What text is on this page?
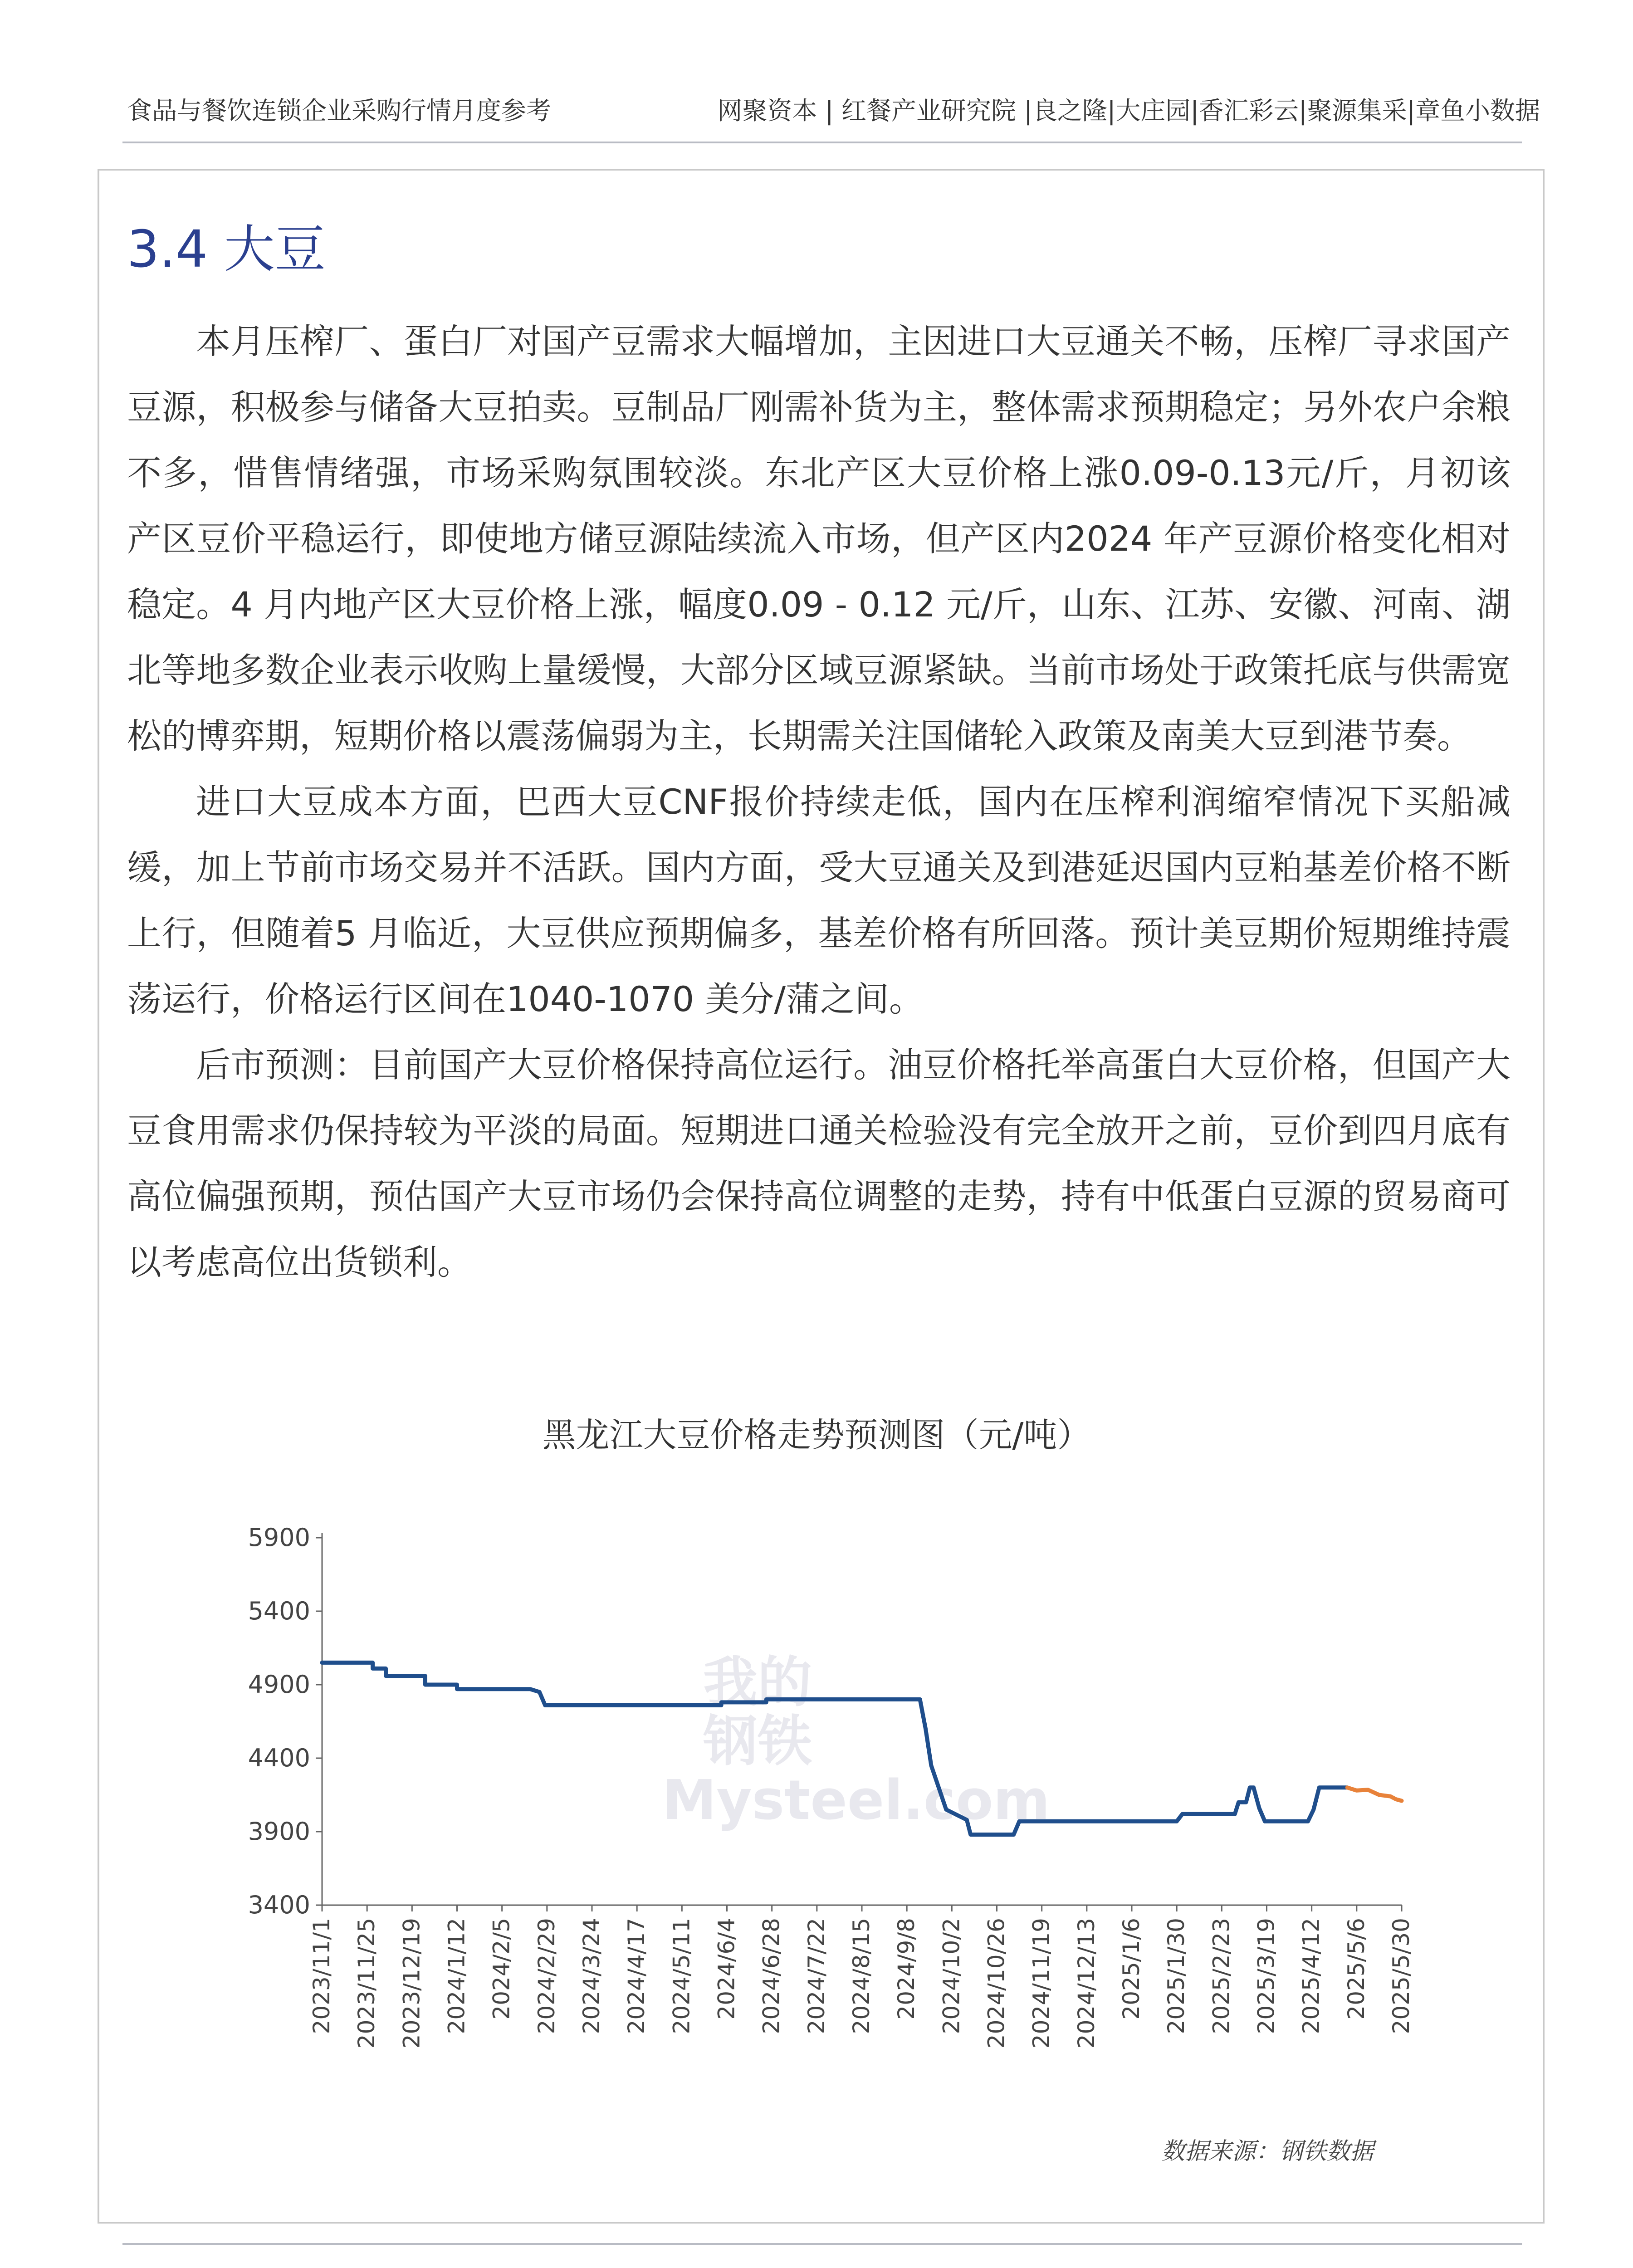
食品与餐饮连锁企业采购行情月度参考	网聚资本 | 红餐产业研究院 |良之隆|大庄园|香汇彩云|聚源集采|章鱼小数据
3.4 大豆

本月压榨厂、蛋白厂对国产豆需求大幅增加，主因进口大豆通关不畅，压榨厂寻求国产豆源，积极参与储备大豆拍卖。豆制品厂刚需补货为主，整体需求预期稳定；另外农户余粮不多，惜售情绪强，市场采购氛围较淡。东北产区大豆价格上涨0.09-0.13元/斤，月初该产区豆价平稳运行，即使地方储豆源陆续流入市场，但产区内2024 年产豆源价格变化相对稳定。4 月内地产区大豆价格上涨，幅度0.09 - 0.12 元/斤，山东、江苏、安徽、河南、湖北等地多数企业表示收购上量缓慢，大部分区域豆源紧缺。当前市场处于政策托底与供需宽松的博弈期，短期价格以震荡偏弱为主，长期需关注国储轮入政策及南美大豆到港节奏。

进口大豆成本方面，巴西大豆CNF报价持续走低，国内在压榨利润缩窄情况下买船减缓，加上节前市场交易并不活跃。国内方面，受大豆通关及到港延迟国内豆粕基差价格不断上行，但随着5 月临近，大豆供应预期偏多，基差价格有所回落。预计美豆期价短期维持震荡运行，价格运行区间在1040-1070 美分/蒲之间。

后市预测：目前国产大豆价格保持高位运行。油豆价格托举高蛋白大豆价格，但国产大豆食用需求仍保持较为平淡的局面。短期进口通关检验没有完全放开之前，豆价到四月底有高位偏强预期，预估国产大豆市场仍会保持高位调整的走势，持有中低蛋白豆源的贸易商可以考虑高位出货锁利。

黑龙江大豆价格走势预测图（元/吨）
我的
钢铁
Mysteel.com
5900
5400
4900
4400
3900
3400
2023/11/1 2023/11/25 2023/12/19 2024/1/12 2024/2/5 2024/2/29 2024/3/24 2024/4/17 2024/5/11 2024/6/4 2024/6/28 2024/7/22 2024/8/15 2024/9/8 2024/10/2 2024/10/26 2024/11/19 2024/12/13 2025/1/6 2025/1/30 2025/2/23 2025/3/19 2025/4/12 2025/5/6 2025/5/30
数据来源：钢铁数据
